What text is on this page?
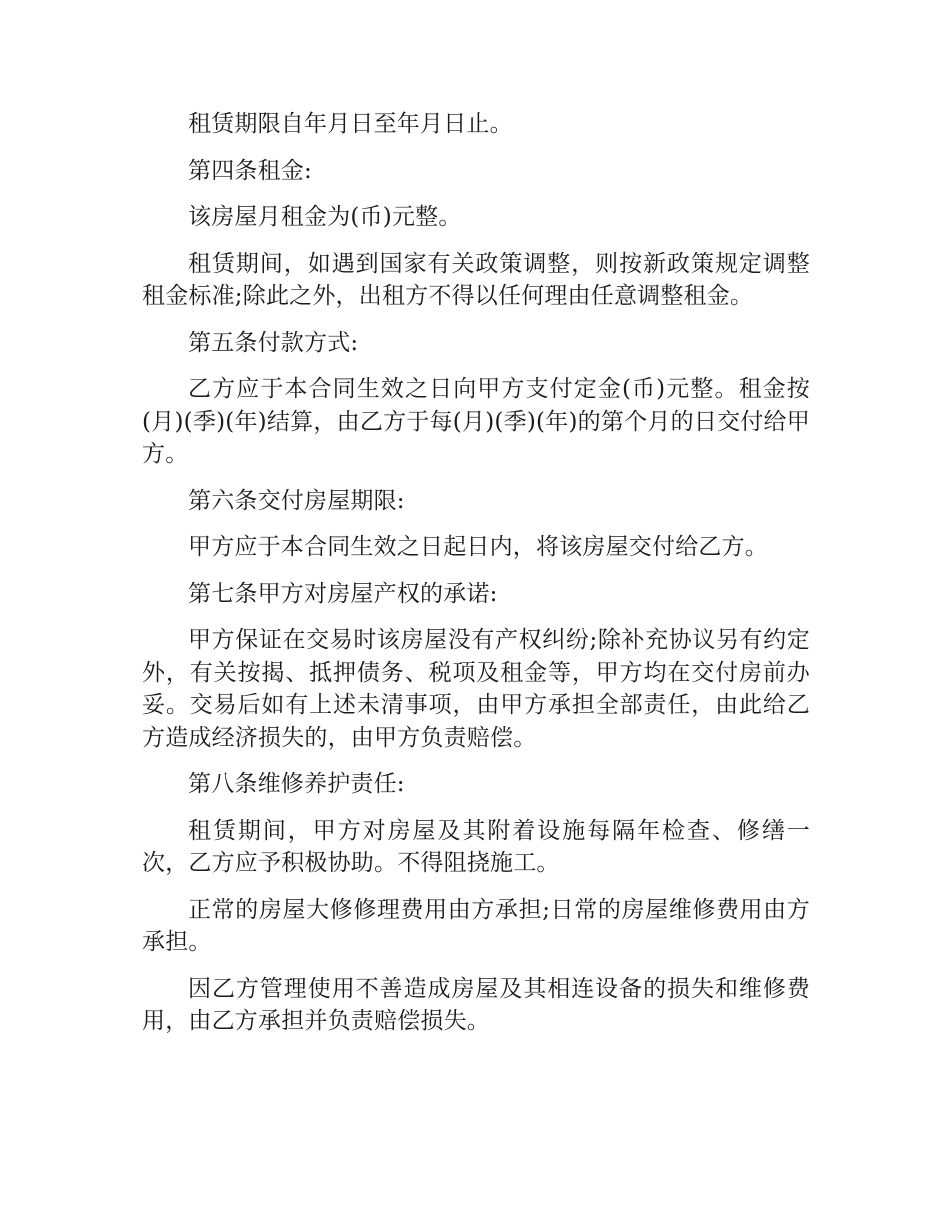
租赁期限自年月日至年月日止。

第四条租金:

该房屋月租金为(币)元整。

租赁期间，如遇到国家有关政策调整，则按新政策规定调整租金标准;除此之外，出租方不得以任何理由任意调整租金。

第五条付款方式:

乙方应于本合同生效之日向甲方支付定金(币)元整。租金按(月)(季)(年)结算，由乙方于每(月)(季)(年)的第个月的日交付给甲方。

第六条交付房屋期限:

甲方应于本合同生效之日起日内，将该房屋交付给乙方。

第七条甲方对房屋产权的承诺:

甲方保证在交易时该房屋没有产权纠纷;除补充协议另有约定外，有关按揭、抵押债务、税项及租金等，甲方均在交付房前办妥。交易后如有上述未清事项，由甲方承担全部责任，由此给乙方造成经济损失的，由甲方负责赔偿。

第八条维修养护责任:

租赁期间，甲方对房屋及其附着设施每隔年检查、修缮一次，乙方应予积极协助。不得阻挠施工。

正常的房屋大修修理费用由方承担;日常的房屋维修费用由方承担。

因乙方管理使用不善造成房屋及其相连设备的损失和维修费用，由乙方承担并负责赔偿损失。
